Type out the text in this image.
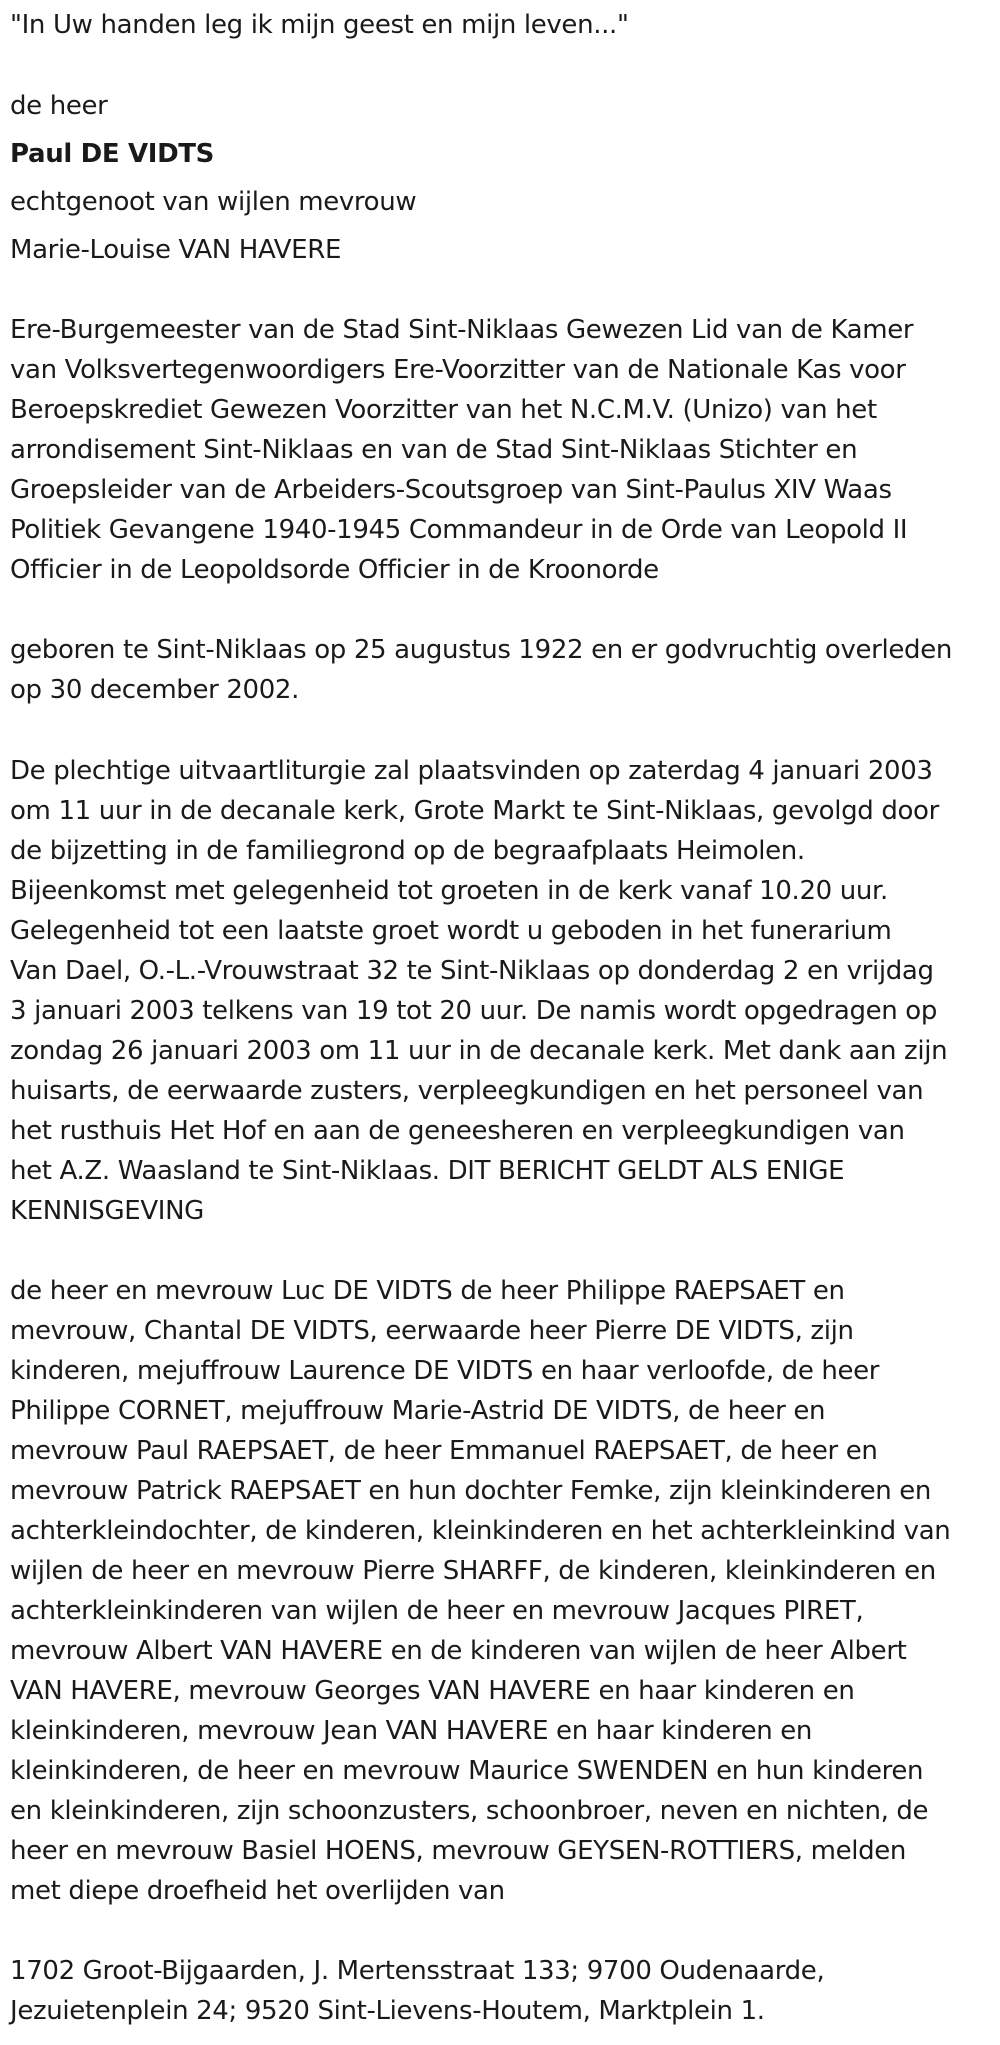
"In Uw handen leg ik mijn geest en mijn leven..."
de heer
Paul DE VIDTS
echtgenoot van wijlen mevrouw
Marie-Louise VAN HAVERE
Ere-Burgemeester van de Stad Sint-Niklaas Gewezen Lid van de Kamer
van Volksvertegenwoordigers Ere-Voorzitter van de Nationale Kas voor
Beroepskrediet Gewezen Voorzitter van het N.C.M.V. (Unizo) van het
arrondisement Sint-Niklaas en van de Stad Sint-Niklaas Stichter en
Groepsleider van de Arbeiders-Scoutsgroep van Sint-Paulus XIV Waas
Politiek Gevangene 1940-1945 Commandeur in de Orde van Leopold II
Officier in de Leopoldsorde Officier in de Kroonorde
geboren te Sint-Niklaas op 25 augustus 1922 en er godvruchtig overleden
op 30 december 2002.
De plechtige uitvaartliturgie zal plaatsvinden op zaterdag 4 januari 2003
om 11 uur in de decanale kerk, Grote Markt te Sint-Niklaas, gevolgd door
de bijzetting in de familiegrond op de begraafplaats Heimolen.
Bijeenkomst met gelegenheid tot groeten in de kerk vanaf 10.20 uur.
Gelegenheid tot een laatste groet wordt u geboden in het funerarium
Van Dael, O.-L.-Vrouwstraat 32 te Sint-Niklaas op donderdag 2 en vrijdag
3 januari 2003 telkens van 19 tot 20 uur. De namis wordt opgedragen op
zondag 26 januari 2003 om 11 uur in de decanale kerk. Met dank aan zijn
huisarts, de eerwaarde zusters, verpleegkundigen en het personeel van
het rusthuis Het Hof en aan de geneesheren en verpleegkundigen van
het A.Z. Waasland te Sint-Niklaas. DIT BERICHT GELDT ALS ENIGE
KENNISGEVING
de heer en mevrouw Luc DE VIDTS de heer Philippe RAEPSAET en
mevrouw, Chantal DE VIDTS, eerwaarde heer Pierre DE VIDTS, zijn
kinderen, mejuffrouw Laurence DE VIDTS en haar verloofde, de heer
Philippe CORNET, mejuffrouw Marie-Astrid DE VIDTS, de heer en
mevrouw Paul RAEPSAET, de heer Emmanuel RAEPSAET, de heer en
mevrouw Patrick RAEPSAET en hun dochter Femke, zijn kleinkinderen en
achterkleindochter, de kinderen, kleinkinderen en het achterkleinkind van
wijlen de heer en mevrouw Pierre SHARFF, de kinderen, kleinkinderen en
achterkleinkinderen van wijlen de heer en mevrouw Jacques PIRET,
mevrouw Albert VAN HAVERE en de kinderen van wijlen de heer Albert
VAN HAVERE, mevrouw Georges VAN HAVERE en haar kinderen en
kleinkinderen, mevrouw Jean VAN HAVERE en haar kinderen en
kleinkinderen, de heer en mevrouw Maurice SWENDEN en hun kinderen
en kleinkinderen, zijn schoonzusters, schoonbroer, neven en nichten, de
heer en mevrouw Basiel HOENS, mevrouw GEYSEN-ROTTIERS, melden
met diepe droefheid het overlijden van
1702 Groot-Bijgaarden, J. Mertensstraat 133; 9700 Oudenaarde,
Jezuietenplein 24; 9520 Sint-Lievens-Houtem, Marktplein 1.
